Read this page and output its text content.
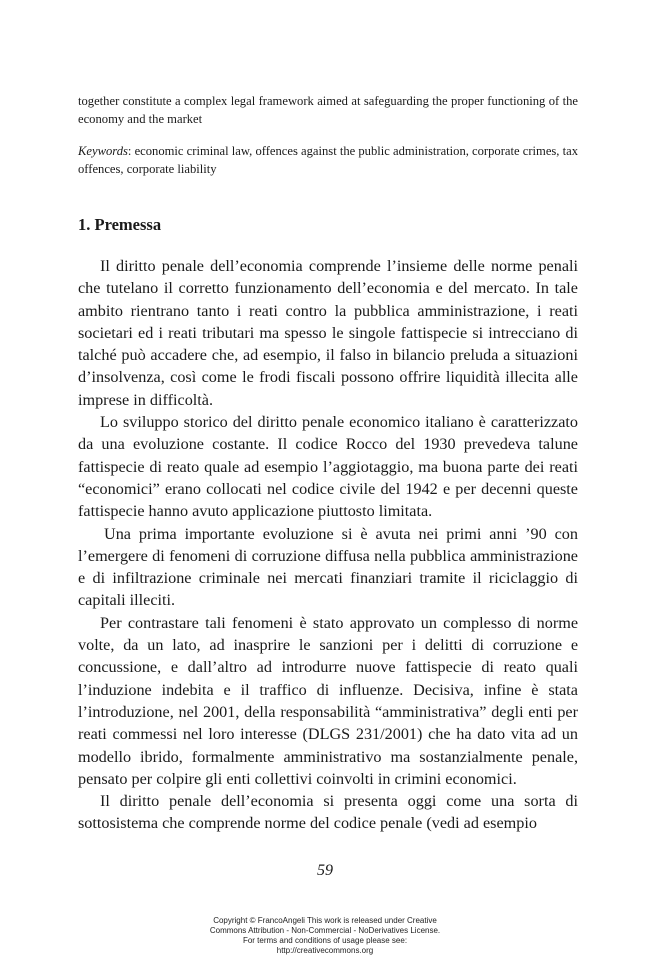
together constitute a complex legal framework aimed at safeguarding the proper functioning of the economy and the market
Keywords: economic criminal law, offences against the public administration, corporate crimes, tax offences, corporate liability
1. Premessa

Il diritto penale dell’economia comprende l’insieme delle norme penali che tutelano il corretto funzionamento dell’economia e del mercato. In tale ambito rientrano tanto i reati contro la pubblica amministrazione, i reati societari ed i reati tributari ma spesso le singole fattispecie si intrecciano di talché può accadere che, ad esempio, il falso in bilancio preluda a situazioni d’insolvenza, così come le frodi fiscali possono offrire liquidità illecita alle imprese in difficoltà.

Lo sviluppo storico del diritto penale economico italiano è caratterizzato da una evoluzione costante. Il codice Rocco del 1930 prevedeva talune fattispecie di reato quale ad esempio l’aggiotaggio, ma buona parte dei reati “economici” erano collocati nel codice civile del 1942 e per decenni queste fattispecie hanno avuto applicazione piuttosto limitata.

Una prima importante evoluzione si è avuta nei primi anni ’90 con l’emergere di fenomeni di corruzione diffusa nella pubblica amministrazione e di infiltrazione criminale nei mercati finanziari tramite il riciclaggio di capitali illeciti.

Per contrastare tali fenomeni è stato approvato un complesso di norme volte, da un lato, ad inasprire le sanzioni per i delitti di corruzione e concussione, e dall’altro ad introdurre nuove fattispecie di reato quali l’induzione indebita e il traffico di influenze. Decisiva, infine è stata l’introduzione, nel 2001, della responsabilità “amministrativa” degli enti per reati commessi nel loro interesse (DLGS 231/2001) che ha dato vita ad un modello ibrido, formalmente amministrativo ma sostanzialmente penale, pensato per colpire gli enti collettivi coinvolti in crimini economici.

Il diritto penale dell’economia si presenta oggi come una sorta di sottosistema che comprende norme del codice penale (vedi ad esempio

59
Copyright © FrancoAngeli This work is released under Creative
Commons Attribution - Non-Commercial - NoDerivatives License.
For terms and conditions of usage please see:
http://creativecommons.org
